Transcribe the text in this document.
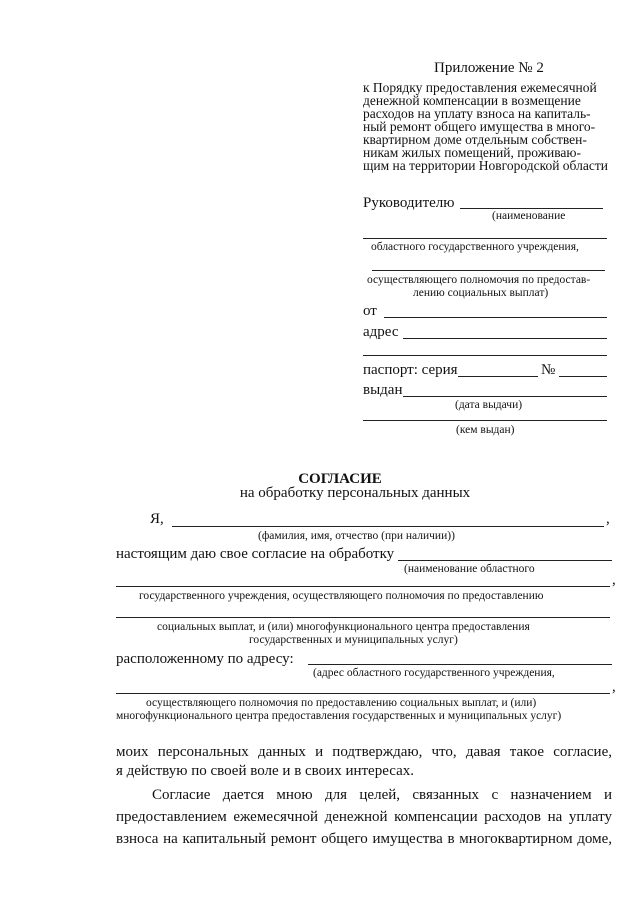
Приложение № 2
к Порядку предоставления ежемесячной
денежной компенсации в возмещение
расходов на уплату взноса на капиталь-
ный ремонт общего имущества в много-
квартирном доме отдельным собствен-
никам жилых помещений, проживаю-
щим на территории Новгородской области
Руководителю
(наименование
областного государственного учреждения,
осуществляющего полномочия по предостав-
лению социальных выплат)
от
адрес
паспорт: серия	№
выдан
(дата выдачи)
(кем выдан)
СОГЛАСИЕ
на обработку персональных данных
Я,	,
(фамилия, имя, отчество (при наличии))
настоящим даю свое согласие на обработку
(наименование областного
,
государственного учреждения, осуществляющего полномочия по предоставлению
социальных выплат, и (или) многофункционального центра предоставления
государственных и муниципальных услуг)
расположенному по адресу:
(адрес областного государственного учреждения,
,
осуществляющего полномочия по предоставлению социальных выплат, и (или)
многофункционального центра предоставления государственных и муниципальных услуг)
моих персональных данных и подтверждаю, что, давая такое согласие,
я действую по своей воле и в своих интересах.
Согласие дается мною для целей, связанных с назначением и
предоставлением ежемесячной денежной компенсации расходов на уплату
взноса на капитальный ремонт общего имущества в многоквартирном доме,
